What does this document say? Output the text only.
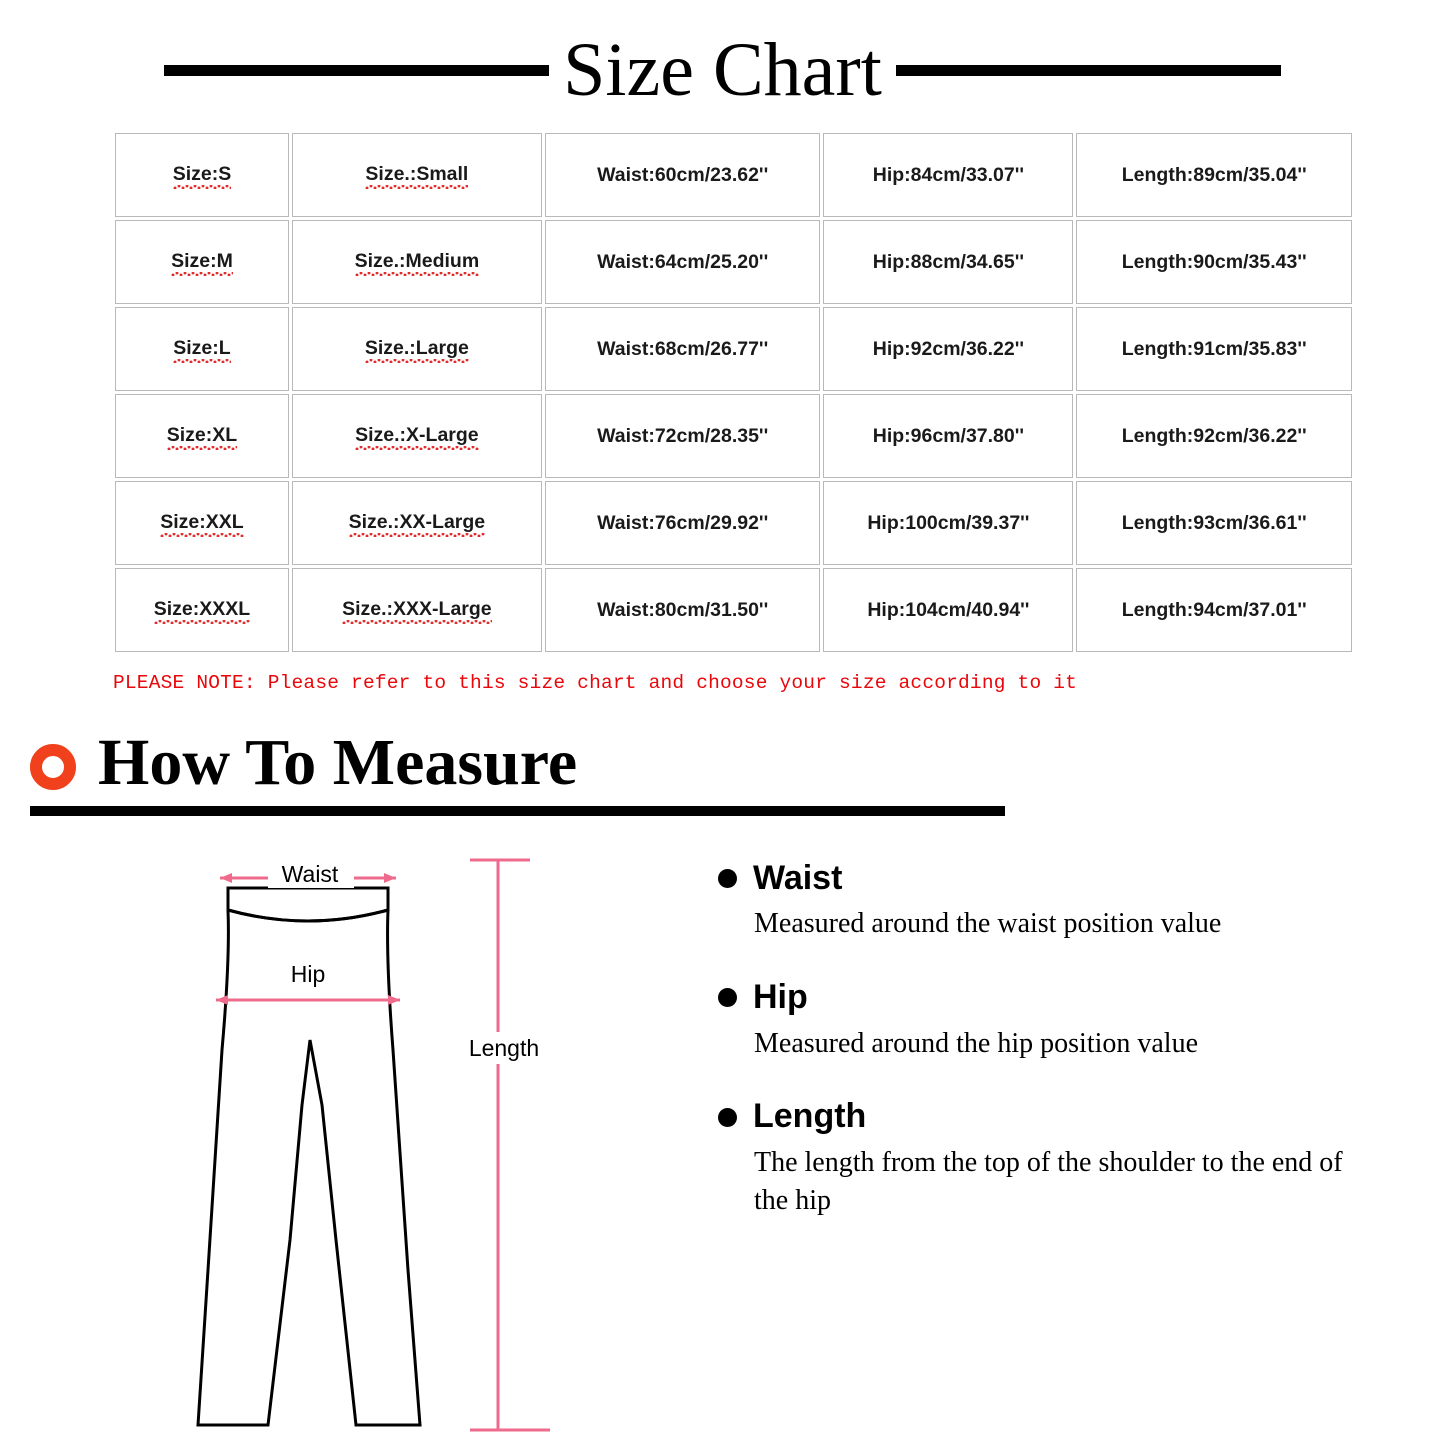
Size Chart
Size:S	Size.:Small	Waist:60cm/23.62''	Hip:84cm/33.07''	Length:89cm/35.04''
Size:M	Size.:Medium	Waist:64cm/25.20''	Hip:88cm/34.65''	Length:90cm/35.43''
Size:L	Size.:Large	Waist:68cm/26.77''	Hip:92cm/36.22''	Length:91cm/35.83''
Size:XL	Size.:X-Large	Waist:72cm/28.35''	Hip:96cm/37.80''	Length:92cm/36.22''
Size:XXL	Size.:XX-Large	Waist:76cm/29.92''	Hip:100cm/39.37''	Length:93cm/36.61''
Size:XXXL	Size.:XXX-Large	Waist:80cm/31.50''	Hip:104cm/40.94''	Length:94cm/37.01''
PLEASE NOTE: Please refer to this size chart and choose your size according to it
How To Measure
Waist
Hip
Length
Waist
Measured around the waist position value
Hip
Measured around the hip position value
Length
The length from the top of the shoulder to the end of the hip
